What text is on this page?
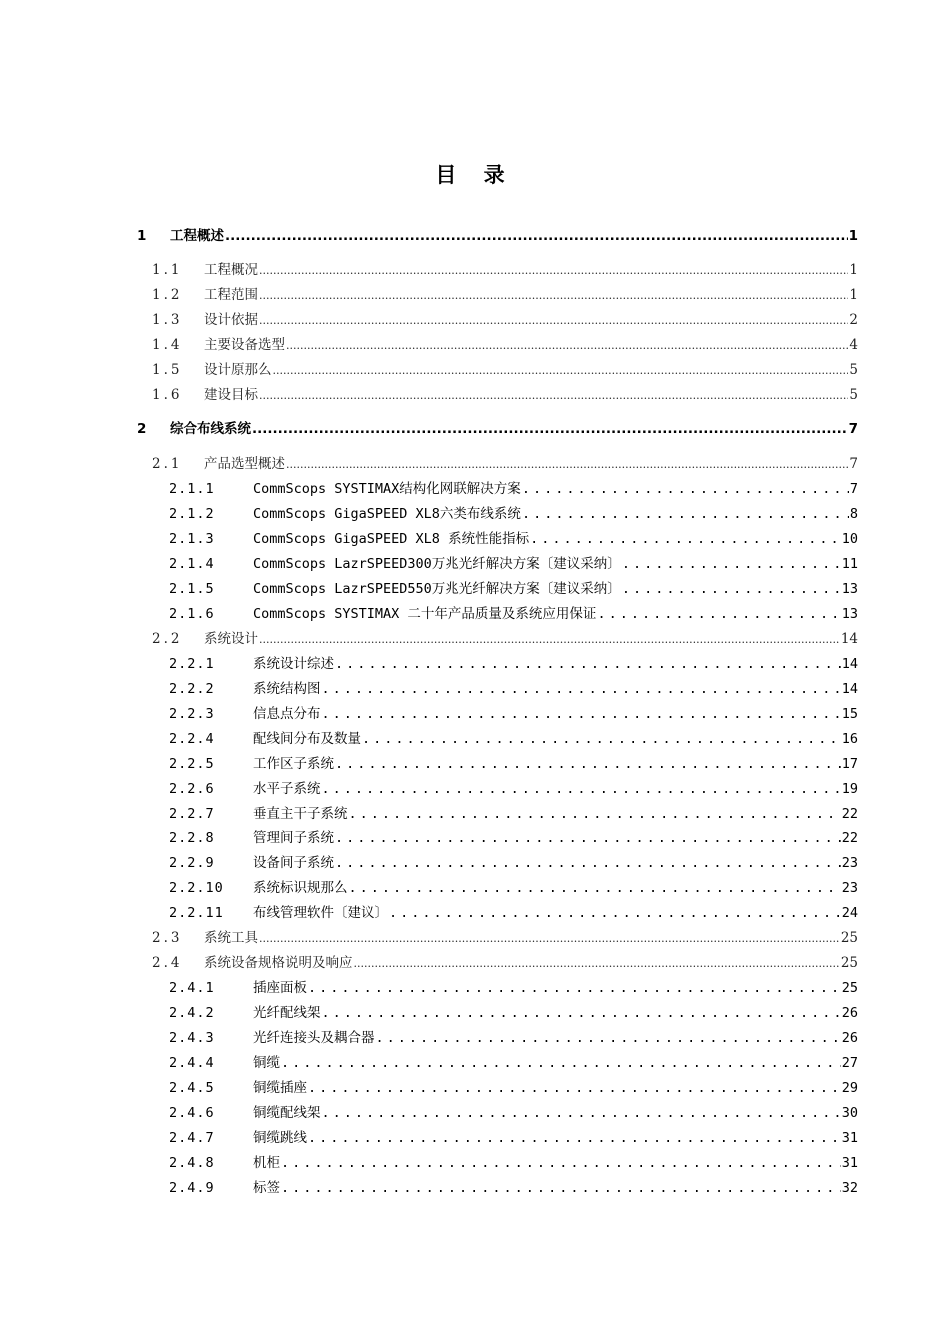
目 录
1	工程概述 .....	1
1.1	工程概况 .....	1
1.2	工程范围 .....	1
1.3	设计依据 .....	2
1.4	主要设备选型 .....	4
1.5	设计原那么 .....	5
1.6	建设目标 .....	5
2	综合布线系统 .....	7
2.1	产品选型概述 .....	7
2.1.1	CommScops SYSTIMAX结构化网联解决方案 .....	7
2.1.2	CommScops GigaSPEED XL8六类布线系统 .....	8
2.1.3	CommScops GigaSPEED XL8 系统性能指标 .....	10
2.1.4	CommScops LazrSPEED300万兆光纤解决方案〔建议采纳〕 .....	11
2.1.5	CommScops LazrSPEED550万兆光纤解决方案〔建议采纳〕 .....	13
2.1.6	CommScops SYSTIMAX 二十年产品质量及系统应用保证 .....	13
2.2	系统设计 .....	14
2.2.1	系统设计综述 .....	14
2.2.2	系统结构图 .....	14
2.2.3	信息点分布 .....	15
2.2.4	配线间分布及数量 .....	16
2.2.5	工作区子系统 .....	17
2.2.6	水平子系统 .....	19
2.2.7	垂直主干子系统 .....	22
2.2.8	管理间子系统 .....	22
2.2.9	设备间子系统 .....	23
2.2.10	系统标识规那么 .....	23
2.2.11	布线管理软件〔建议〕 .....	24
2.3	系统工具 .....	25
2.4	系统设备规格说明及响应 .....	25
2.4.1	插座面板 .....	25
2.4.2	光纤配线架 .....	26
2.4.3	光纤连接头及耦合器 .....	26
2.4.4	铜缆 .....	27
2.4.5	铜缆插座 .....	29
2.4.6	铜缆配线架 .....	30
2.4.7	铜缆跳线 .....	31
2.4.8	机柜 .....	31
2.4.9	标签 .....	32
